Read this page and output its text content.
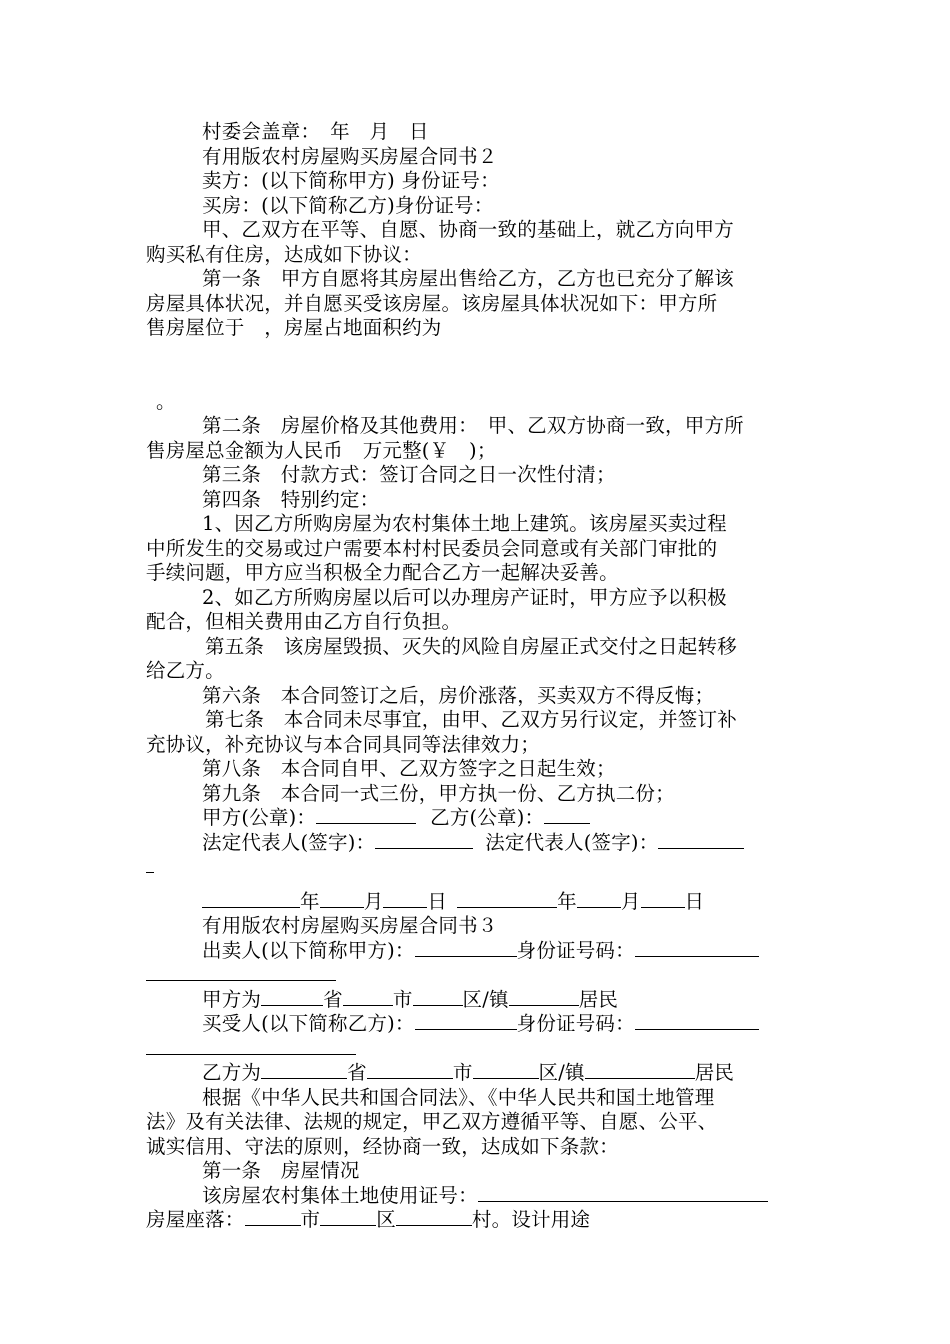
村委会盖章：　年　月　日
有用版农村房屋购买房屋合同书２
卖方：(以下简称甲方) 身份证号：
买房：(以下简称乙方)身份证号：
甲、乙双方在平等、自愿、协商一致的基础上，就乙方向甲方
购买私有住房，达成如下协议：
第一条　甲方自愿将其房屋出售给乙方，乙方也已充分了解该
房屋具体状况，并自愿买受该房屋。该房屋具体状况如下：甲方所
售房屋位于　，房屋占地面积约为
。
第二条　房屋价格及其他费用：　甲、乙双方协商一致，甲方所
售房屋总金额为人民币　万元整(￥　)；
第三条　付款方式：签订合同之日一次性付清；
第四条　特别约定：
1、因乙方所购房屋为农村集体土地上建筑。该房屋买卖过程
中所发生的交易或过户需要本村村民委员会同意或有关部门审批的
手续问题，甲方应当积极全力配合乙方一起解决妥善。
2、如乙方所购房屋以后可以办理房产证时，甲方应予以积极
配合，但相关费用由乙方自行负担。
第五条　该房屋毁损、灭失的风险自房屋正式交付之日起转移
给乙方。
第六条　本合同签订之后，房价涨落，买卖双方不得反悔；
第七条　本合同未尽事宜，由甲、乙双方另行议定，并签订补
充协议，补充协议与本合同具同等法律效力；
第八条　本合同自甲、乙双方签字之日起生效；
第九条　本合同一式三份，甲方执一份、乙方执二份；
甲方(公章)：	乙方(公章)：
法定代表人(签字)：	法定代表人(签字)：
年 月 日	年 月 日
有用版农村房屋购买房屋合同书３
出卖人(以下简称甲方)：	身份证号码：
甲方为	省	市	区/镇	居民
买受人(以下简称乙方)：	身份证号码：
乙方为	省	市	区/镇	居民
根据《中华人民共和国合同法》、《中华人民共和国土地管理
法》及有关法律、法规的规定，甲乙双方遵循平等、自愿、公平、
诚实信用、守法的原则，经协商一致，达成如下条款：
第一条　房屋情况
该房屋农村集体土地使用证号：
房屋座落：	市	区	村。设计用途
